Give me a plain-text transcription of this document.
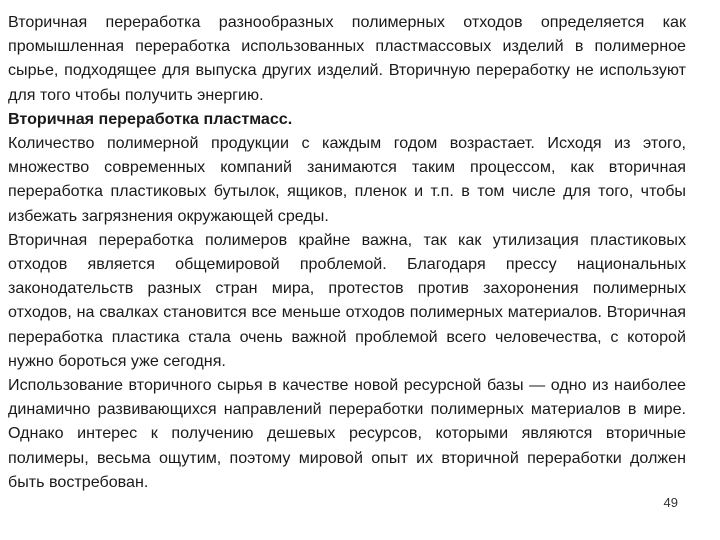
Вторичная переработка разнообразных полимерных отходов определяется как промышленная переработка использованных пластмассовых изделий в полимерное сырье, подходящее для выпуска других изделий. Вторичную переработку не используют для того чтобы получить энергию.

Вторичная переработка пластмасс.

Количество полимерной продукции с каждым годом возрастает. Исходя из этого, множество современных компаний занимаются таким процессом, как вторичная переработка пластиковых бутылок, ящиков, пленок и т.п. в том числе для того, чтобы избежать загрязнения окружающей среды.

Вторичная переработка полимеров крайне важна, так как утилизация пластиковых отходов является общемировой проблемой. Благодаря прессу национальных законодательств разных стран мира, протестов против захоронения полимерных отходов, на свалках становится все меньше отходов полимерных материалов. Вторичная переработка пластика стала очень важной проблемой всего человечества, с которой нужно бороться уже сегодня.

Использование вторичного сырья в качестве новой ресурсной базы — одно из наиболее динамично развивающихся направлений переработки полимерных материалов в мире. Однако интерес к получению дешевых ресурсов, которыми являются вторичные полимеры, весьма ощутим, поэтому мировой опыт их вторичной переработки должен быть востребован.

49
